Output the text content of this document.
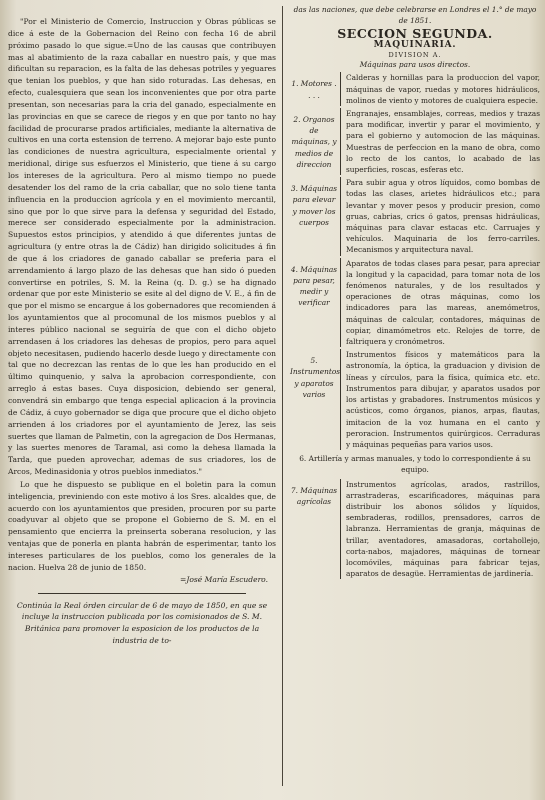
"Por el Ministerio de Comercio, Instruccion y Obras públicas se dice á este de la Gobernacion del Reino con fecha 16 de abril próximo pasado lo que sigue.=Uno de las causas que contribuyen mas al abatimiento de la raza caballar en nuestro país, y que mas dificultan su reparacion, es la falta de las dehesas potriles y yeguares que tenian los pueblos, y que han sido roturadas. Las dehesas, en efecto, cualesquiera que sean los inconvenientes que por otra parte presentan, son necesarias para la cria del ganado, especialmente en las provincias en que se carece de riegos y en que por tanto no hay facilidad de procurarse prados artificiales, mediante la alternativa de cultivos en una corta estension de terreno. A mejorar bajo este punto las condiciones de nuestra agricultura, especialmente oriental y meridional, dirige sus esfuerzos el Ministerio, que tiene á su cargo los intereses de la agricultura. Pero al mismo tiempo no puede desatender los del ramo de la cria caballar, que no solo tiene tanta influencia en la produccion agrícola y en el movimiento mercantil, sino que por lo que sirve para la defensa y seguridad del Estado, merece ser considerado especialmente por la administracion. Supuestos estos principios, y atendido á que diferentes juntas de agricultura (y entre otras la de Cádiz) han dirigido solicitudes á fin de que á los criadores de ganado caballar se preferia para el arrendamiento á largo plazo de las dehesas que han sido ó pueden convertirse en potriles, S. M. la Reina (q. D. g.) se ha dignado ordenar que por este Ministerio se esite al del digno de V. E., á fin de que por el mismo se encargue á los gobernadores que recomienden á los ayuntamientos que al procomunal de los mismos pueblos y al interes público nacional se seguiría de que con el dicho objeto arrendasen á los criadores las dehesas de propios, pero para aquel objeto necesitasen, pudiendo hacerlo desde luego y directamente con tal que no decrezcan las rentas de lo que les han producido en el último quinquenio, y salva la aprobacion correspondiente, con arreglo á estas bases. Cuya disposicion, debiendo ser general, convendrá sin embargo que tenga especial aplicacion á la provincia de Cádiz, á cuyo gobernador se diga que procure que el dicho objeto arrienden á los criadores por el ayuntamiento de Jerez, las seis suertes que llaman de Palmetin, con la agregacion de Dos Hermanas, y las suertes menores de Taramal, asi como la dehesa llamada la Tarda, que pueden aprovechar, ademas de sus criadores, los de Arcos, Medinasidonia y otros pueblos inmediatos."

Lo que he dispuesto se publique en el boletin para la comun inteligencia, previniendo con este motivo á los Sres. alcaldes que, de acuerdo con los ayuntamientos que presiden, procuren por su parte coadyuvar al objeto que se propone el Gobierno de S. M. en el pensamiento que encierra la preinserta soberana resolucion, y las ventajas que de ponerla en planta habrán de esperimentar, tanto los intereses particulares de los pueblos, como los generales de la nacion. Huelva 28 de junio de 1850.

=José María Escudero.

Continúa la Real órden circular de 6 de mayo de 1850, en que se incluye la instruccion publicada por los comisionados de S. M. Británica para promover la esposicion de los productos de la industria de to-

das las naciones, que debe celebrarse en Londres el 1.° de mayo de 1851.
SECCION SEGUNDA.
MAQUINARIA.
DIVISION A.
Máquinas para usos directos.
1. Motores . . . .
Calderas y hornillas para la produccion del vapor, máquinas de vapor, ruedas y motores hidráulicos, molinos de viento y motores de cualquiera especie.
2. Organos de máquinas, y medios de direccion
Engranajes, ensamblajes, correas, medios y trazas para modificar, invertir y parar el movimiento, y para el gobierno y automocion de las máquinas. Muestras de perfeccion en la mano de obra, como lo recto de los cantos, lo acabado de las superficies, roscas, esferas etc.
3. Máquinas para elevar y mover los cuerpos
Para subir agua y otros líquidos, como bombas de todas las clases, arietes hidráulicos etc.; para levantar y mover pesos y producir presion, como gruas, cabrias, crics ó gatos, prensas hidráulicas, máquinas para clavar estacas etc. Carruajes y vehículos. Maquinaria de los ferro-carriles. Mecanismos y arquitectura naval.
4. Máquinas para pesar, medir y verificar
Aparatos de todas clases para pesar, para apreciar la longitud y la capacidad, para tomar nota de los fenómenos naturales, y de los resultados y operaciones de otras máquinas, como los indicadores para las mareas, anemómetros, máquinas de calcular, contadores, máquinas de copiar, dinamómetros etc. Relojes de torre, de faltriquera y cronómetros.
5. Instrumentos y aparatos varios
Instrumentos físicos y matemáticos para la astronomía, la óptica, la graduacion y division de líneas y círculos, para la física, química etc. etc. Instrumentos para dibujar, y aparatos usados por los artistas y grabadores. Instrumentos músicos y acústicos, como órganos, pianos, arpas, flautas, imitacion de la voz humana en el canto y peroracion. Instrumentos quirúrgicos. Cerraduras y máquinas pequeñas para varios usos.
6. Artillería y armas manuales, y todo lo correspondiente á su equipo.
7. Máquinas agrícolas
Instrumentos agrícolas, arados, rastrillos, arrastraderas, escarificadores, máquinas para distribuir los abonos sólidos y líquidos, sembraderas, rodillos, prensadores, carros de labranza. Herramientas de granja, máquinas de trillar, aventadores, amasadoras, cortahollejo, corta-nabos, majadores, máquinas de tornear locomóviles, máquinas para fabricar tejas, aparatos de desagüe. Herramientas de jardinería.
